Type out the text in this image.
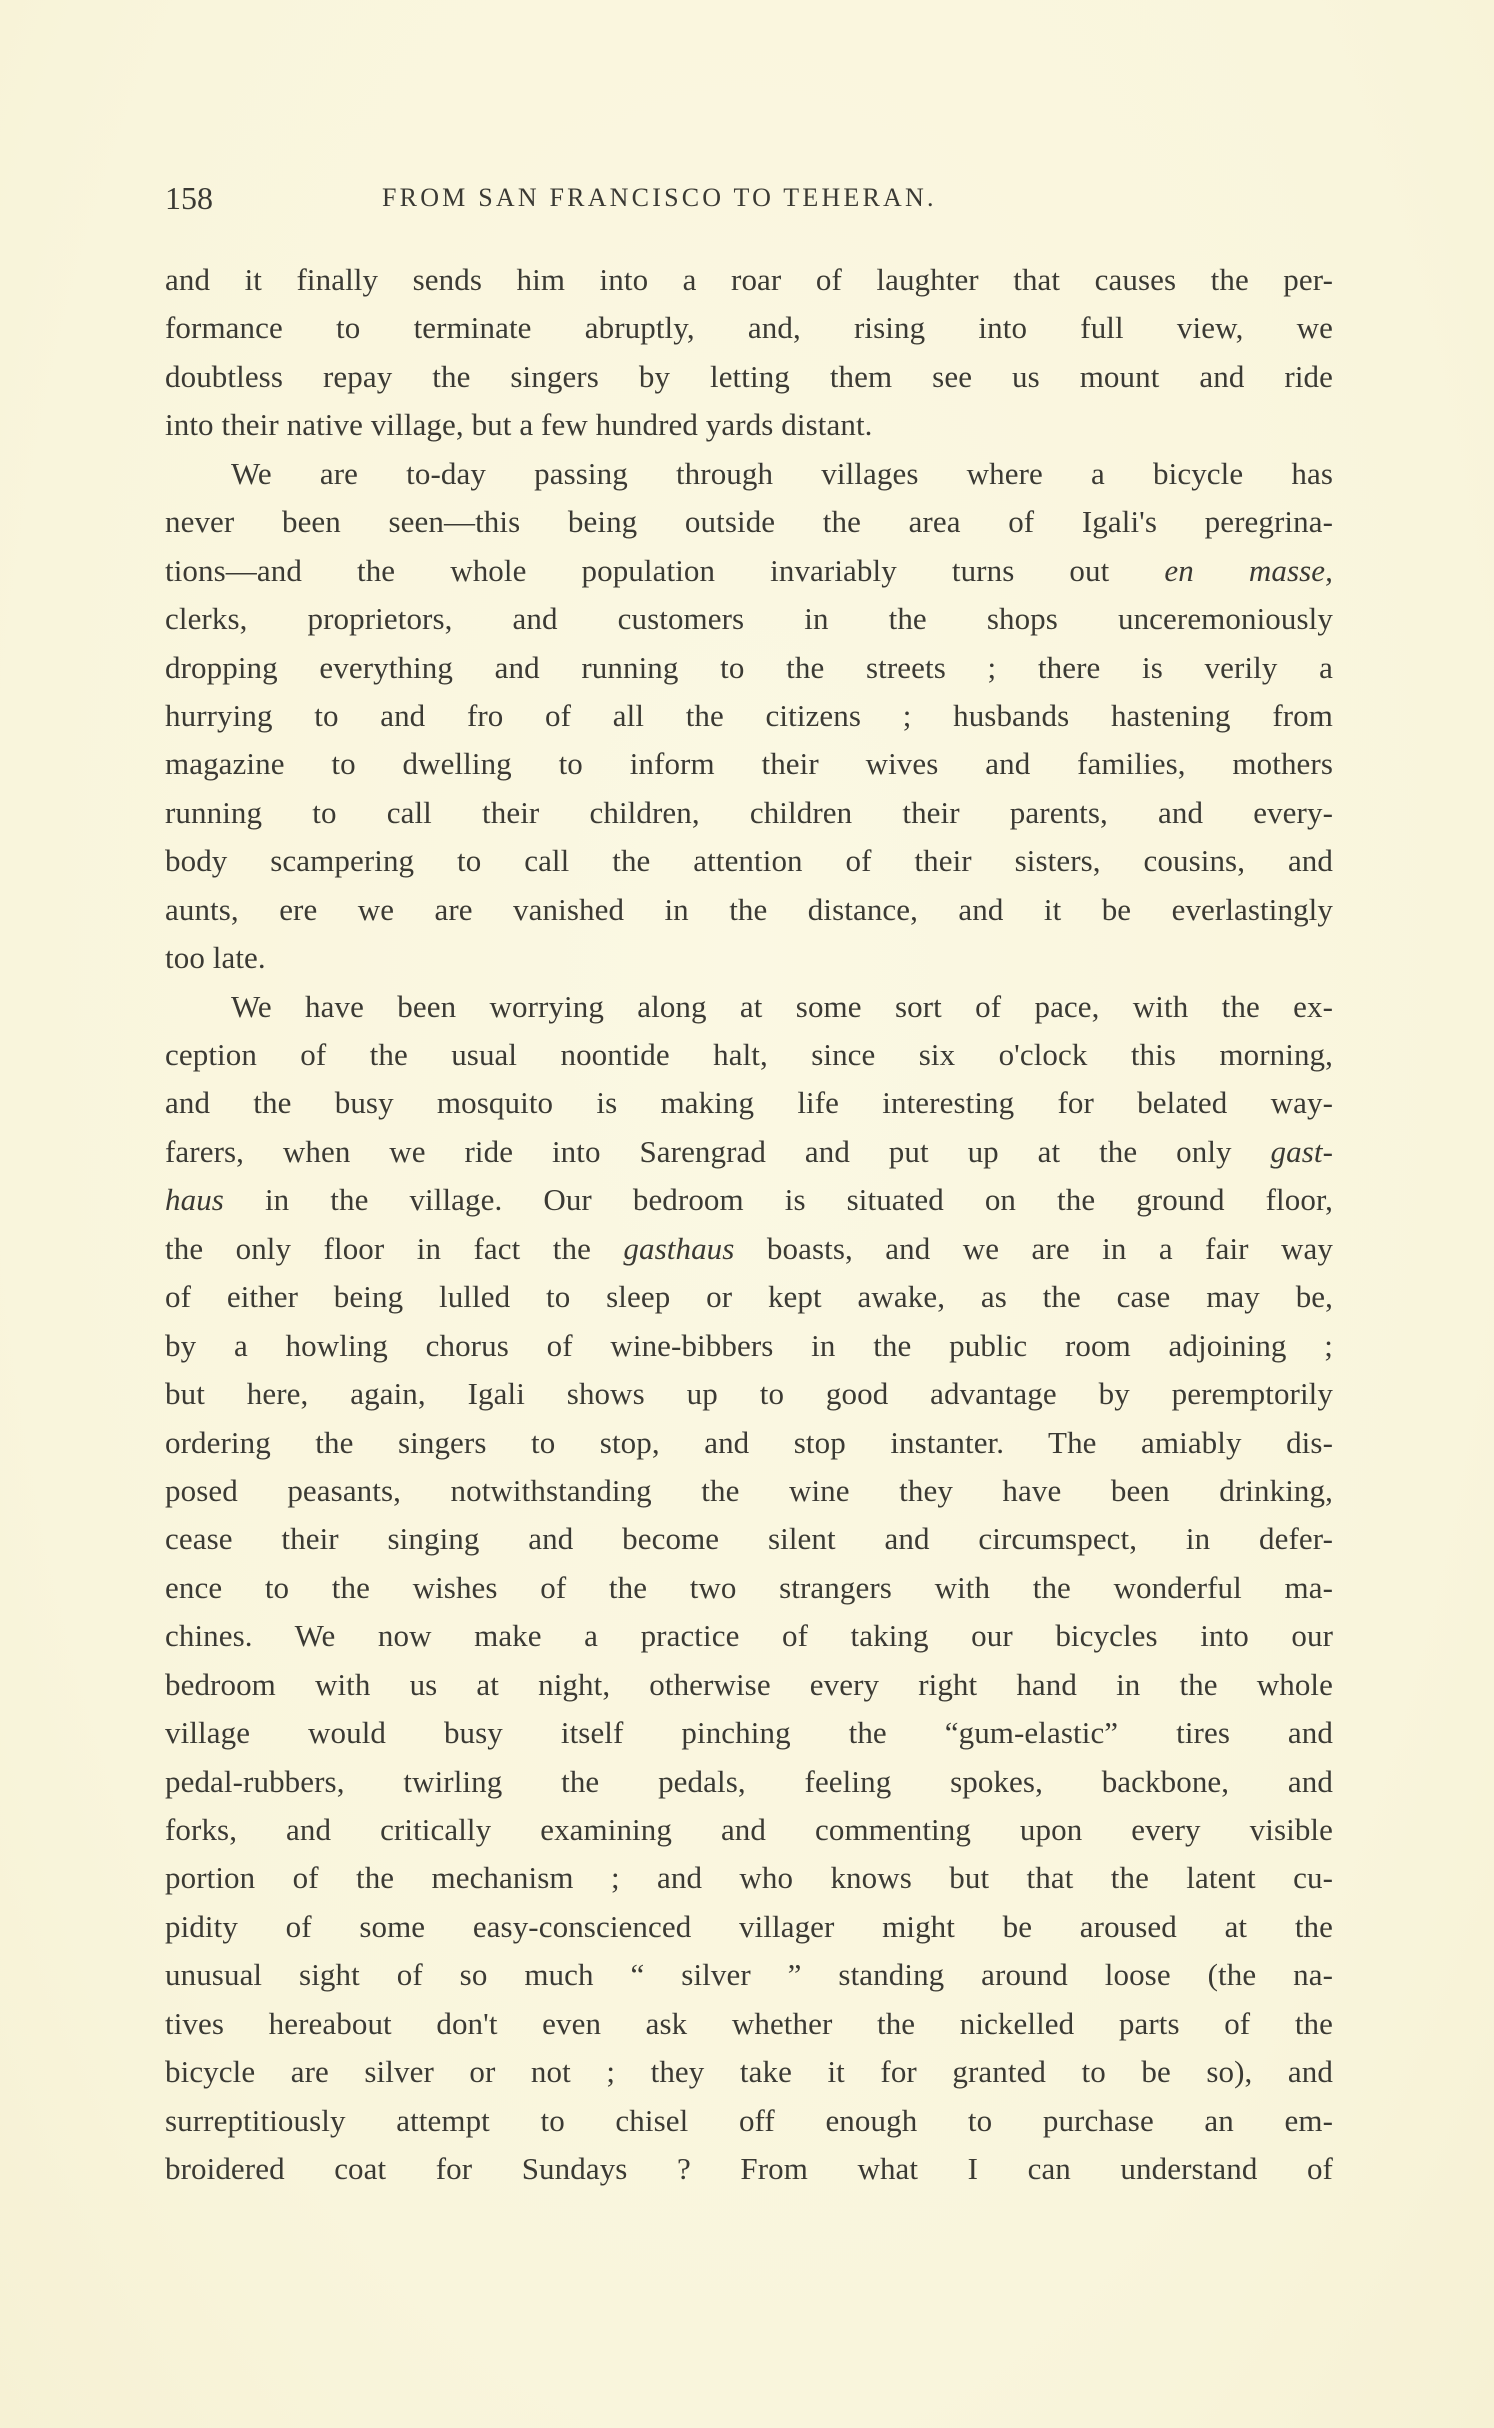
158	FROM SAN FRANCISCO TO TEHERAN.
and it finally sends him into a roar of laughter that causes the per-
formance to terminate abruptly, and, rising into full view, we
doubtless repay the singers by letting them see us mount and ride
into their native village, but a few hundred yards distant.
We are to-day passing through villages where a bicycle has
never been seen—this being outside the area of Igali's peregrina-
tions—and the whole population invariably turns out en masse,
clerks, proprietors, and customers in the shops unceremoniously
dropping everything and running to the streets ; there is verily a
hurrying to and fro of all the citizens ; husbands hastening from
magazine to dwelling to inform their wives and families, mothers
running to call their children, children their parents, and every-
body scampering to call the attention of their sisters, cousins, and
aunts, ere we are vanished in the distance, and it be everlastingly
too late.
We have been worrying along at some sort of pace, with the ex-
ception of the usual noontide halt, since six o'clock this morning,
and the busy mosquito is making life interesting for belated way-
farers, when we ride into Sarengrad and put up at the only gast-
haus in the village. Our bedroom is situated on the ground floor,
the only floor in fact the gasthaus boasts, and we are in a fair way
of either being lulled to sleep or kept awake, as the case may be,
by a howling chorus of wine-bibbers in the public room adjoining ;
but here, again, Igali shows up to good advantage by peremptorily
ordering the singers to stop, and stop instanter. The amiably dis-
posed peasants, notwithstanding the wine they have been drinking,
cease their singing and become silent and circumspect, in defer-
ence to the wishes of the two strangers with the wonderful ma-
chines. We now make a practice of taking our bicycles into our
bedroom with us at night, otherwise every right hand in the whole
village would busy itself pinching the “gum-elastic” tires and
pedal-rubbers, twirling the pedals, feeling spokes, backbone, and
forks, and critically examining and commenting upon every visible
portion of the mechanism ; and who knows but that the latent cu-
pidity of some easy-conscienced villager might be aroused at the
unusual sight of so much “ silver ” standing around loose (the na-
tives hereabout don't even ask whether the nickelled parts of the
bicycle are silver or not ; they take it for granted to be so), and
surreptitiously attempt to chisel off enough to purchase an em-
broidered coat for Sundays ? From what I can understand of
